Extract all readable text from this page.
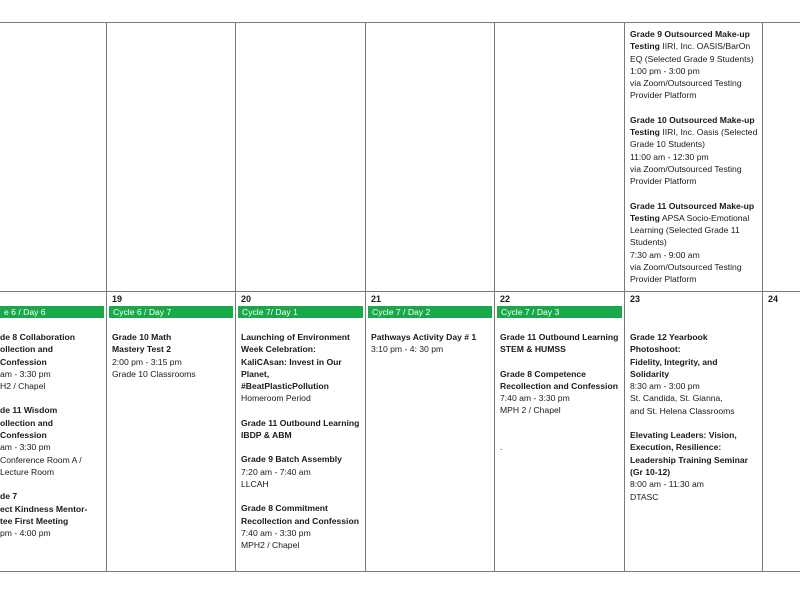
Grade 9 Outsourced Make-up Testing IIRI, Inc. OASIS/BarOn EQ (Selected Grade 9 Students)
1:00 pm - 3:00 pm
via Zoom/Outsourced Testing Provider Platform
Grade 10 Outsourced Make-up Testing IIRI, Inc. Oasis (Selected Grade 10 Students)
11:00 am - 12:30 pm
via Zoom/Outsourced Testing Provider Platform
Grade 11 Outsourced Make-up Testing APSA Socio-Emotional Learning (Selected Grade 11 Students)
7:30 am - 9:00 am
via Zoom/Outsourced Testing Provider Platform
e 6 / Day 6
de 8 Collaboration
ollection and Confession
am - 3:30 pm
H2 / Chapel
de 11 Wisdom
ollection and Confession
am - 3:30 pm
Conference Room A /
Lecture Room
de 7
ect Kindness Mentor-
tee First Meeting
pm - 4:00 pm
19
Cycle 6 / Day 7
Grade 10 Math
Mastery Test 2
2:00 pm - 3:15 pm
Grade 10 Classrooms
20
Cycle 7/ Day 1
Launching of Environment
Week Celebration:
KaliCAsan: Invest in Our
Planet,
#BeatPlasticPollution
Homeroom Period
Grade 11 Outbound Learning
IBDP & ABM
Grade 9 Batch Assembly
7:20 am - 7:40 am
LLCAH
Grade 8 Commitment
Recollection and Confession
7:40 am - 3:30 pm
MPH2 / Chapel
21
Cycle 7 / Day 2
Pathways Activity Day # 1
3:10 pm - 4: 30 pm
22
Cycle 7 / Day 3
Grade 11 Outbound Learning
STEM & HUMSS
Grade 8 Competence
Recollection and Confession
7:40 am - 3:30 pm
MPH 2 / Chapel

.
23
Grade 12 Yearbook
Photoshoot:
Fidelity, Integrity, and
Solidarity
8:30 am - 3:00 pm
St. Candida, St. Gianna,
and St. Helena Classrooms
Elevating Leaders: Vision,
Execution, Resilience:
Leadership Training Seminar
(Gr 10-12)
8:00 am - 11:30 am
DTASC
24
